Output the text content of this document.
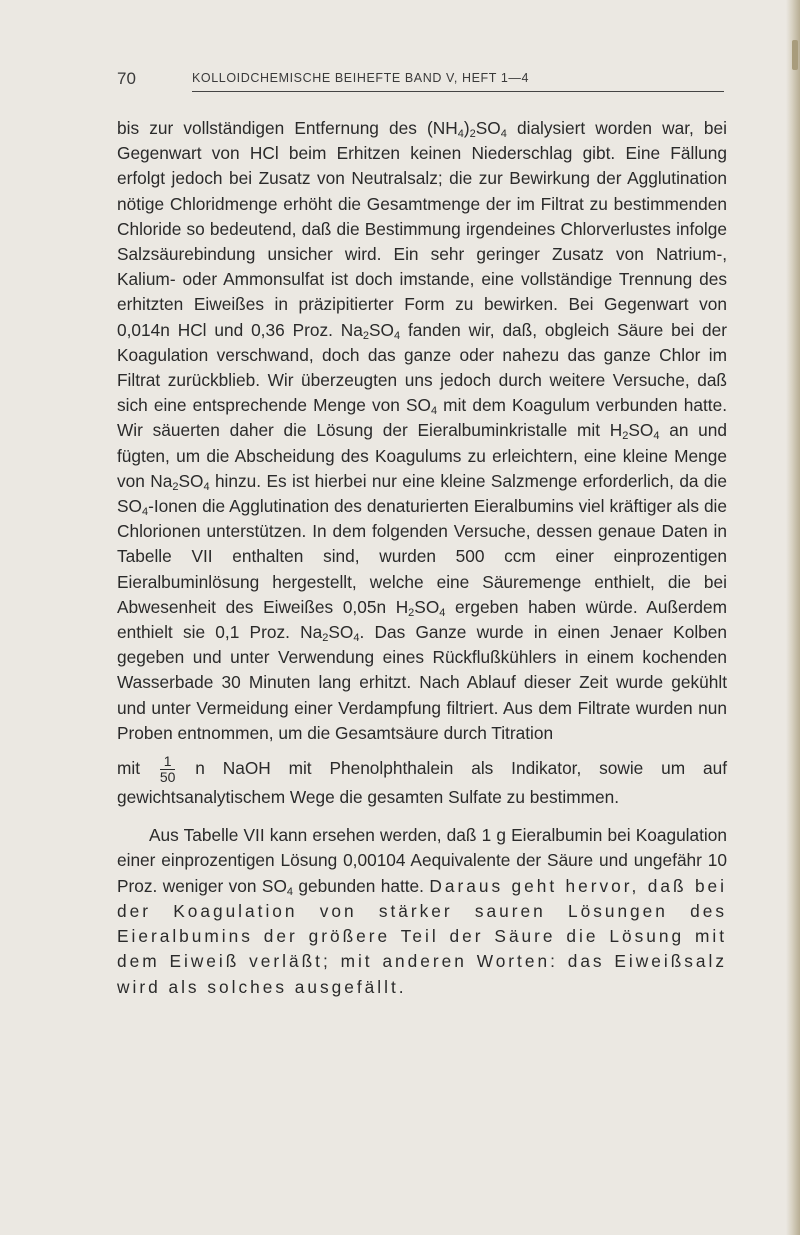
70	KOLLOIDCHEMISCHE BEIHEFTE BAND V, HEFT 1—4

bis zur vollständigen Entfernung des $(NH_4)_2SO_4$ dialysiert worden war, bei Gegenwart von HCl beim Erhitzen keinen Niederschlag gibt. Eine Fällung erfolgt jedoch bei Zusatz von Neutralsalz; die zur Bewirkung der Agglutination nötige Chloridmenge erhöht die Gesamtmenge der im Filtrat zu bestimmenden Chloride so bedeutend, daß die Bestimmung irgendeines Chlorverlustes infolge Salzsäurebindung unsicher wird. Ein sehr geringer Zusatz von Natrium-, Kalium- oder Ammonsulfat ist doch imstande, eine vollständige Trennung des erhitzten Eiweißes in präzipitierter Form zu bewirken. Bei Gegenwart von 0,014n HCl und 0,36 Proz. $Na_2SO_4$ fanden wir, daß, obgleich Säure bei der Koagulation verschwand, doch das ganze oder nahezu das ganze Chlor im Filtrat zurückblieb. Wir überzeugten uns jedoch durch weitere Versuche, daß sich eine entsprechende Menge von $SO_4$ mit dem Koagulum verbunden hatte. Wir säuerten daher die Lösung der Eieralbuminkristalle mit $H_2SO_4$ an und fügten, um die Abscheidung des Koagulums zu erleichtern, eine kleine Menge von $Na_2SO_4$ hinzu. Es ist hierbei nur eine kleine Salzmenge erforderlich, da die $SO_4$-Ionen die Agglutination des denaturierten Eieralbumins viel kräftiger als die Chlorionen unterstützen. In dem folgenden Versuche, dessen genaue Daten in Tabelle VII enthalten sind, wurden 500 ccm einer einprozentigen Eieralbuminlösung hergestellt, welche eine Säuremenge enthielt, die bei Abwesenheit des Eiweißes 0,05n $H_2SO_4$ ergeben haben würde. Außerdem enthielt sie 0,1 Proz. $Na_2SO_4$. Das Ganze wurde in einen Jenaer Kolben gegeben und unter Verwendung eines Rückflußkühlers in einem kochenden Wasserbade 30 Minuten lang erhitzt. Nach Ablauf dieser Zeit wurde gekühlt und unter Vermeidung einer Verdampfung filtriert. Aus dem Filtrate wurden nun Proben entnommen, um die Gesamtsäure durch Titration

mit $\frac{1}{50}$ n NaOH mit Phenolphthalein als Indikator, sowie um auf gewichtsanalytischem Wege die gesamten Sulfate zu bestimmen.

Aus Tabelle VII kann ersehen werden, daß 1 g Eieralbumin bei Koagulation einer einprozentigen Lösung 0,00104 Aequivalente der Säure und ungefähr 10 Proz. weniger von $SO_4$ gebunden hatte. Daraus geht hervor, daß bei der Koagulation von stärker sauren Lösungen des Eieralbumins der größere Teil der Säure die Lösung mit dem Eiweiß verläßt; mit anderen Worten: das Eiweißsalz wird als solches ausgefällt.
